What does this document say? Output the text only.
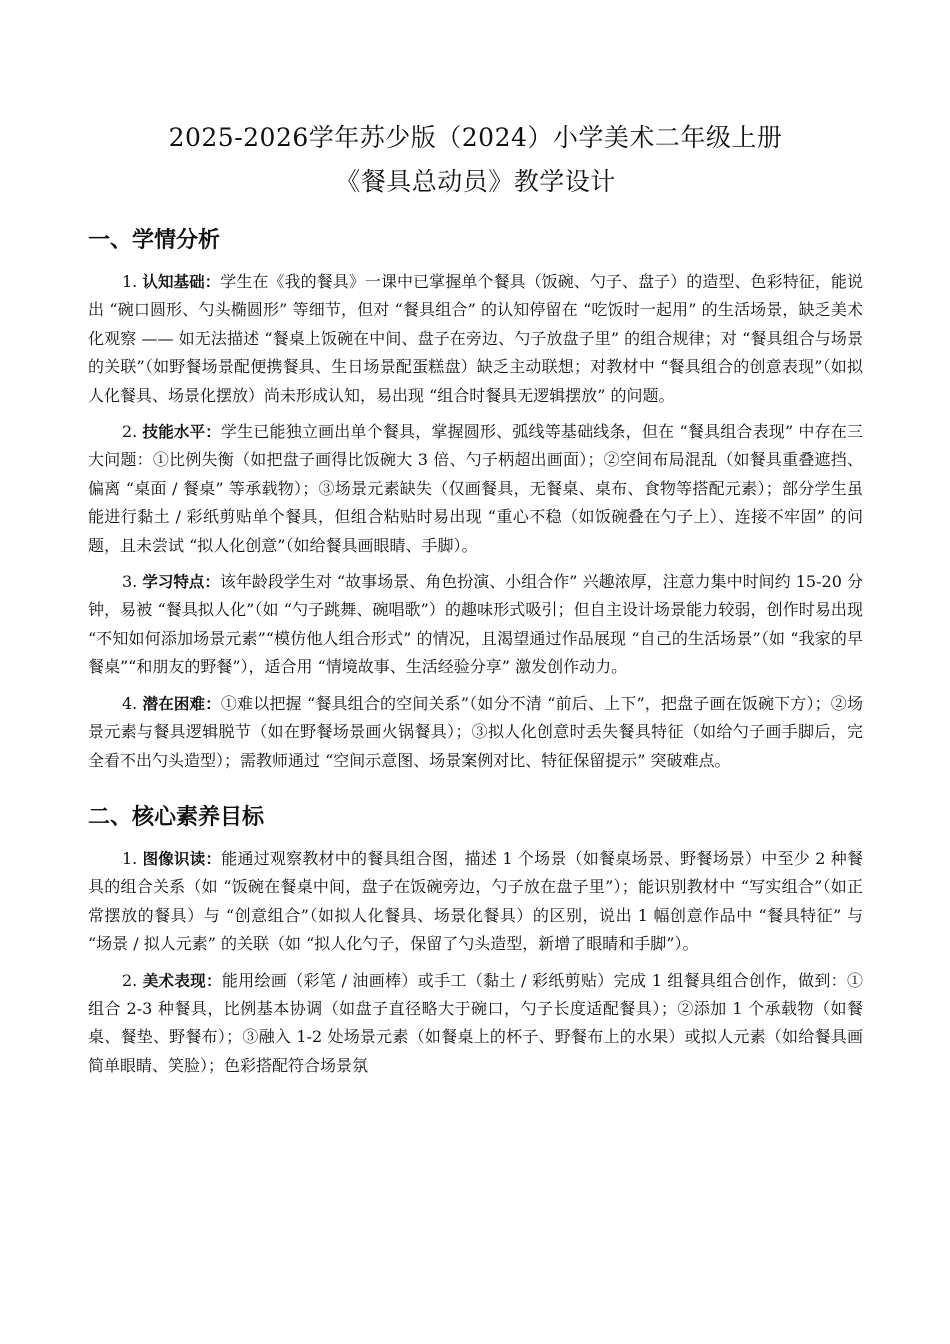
2025-2026学年苏少版（2024）小学美术二年级上册
《餐具总动员》教学设计
一、学情分析

1. 认知基础：学生在《我的餐具》一课中已掌握单个餐具（饭碗、勺子、盘子）的造型、色彩特征，能说出 “碗口圆形、勺头椭圆形” 等细节，但对 “餐具组合” 的认知停留在 “吃饭时一起用” 的生活场景，缺乏美术化观察 —— 如无法描述 “餐桌上饭碗在中间、盘子在旁边、勺子放盘子里” 的组合规律；对 “餐具组合与场景的关联”（如野餐场景配便携餐具、生日场景配蛋糕盘）缺乏主动联想；对教材中 “餐具组合的创意表现”（如拟人化餐具、场景化摆放）尚未形成认知，易出现 “组合时餐具无逻辑摆放” 的问题。

2. 技能水平：学生已能独立画出单个餐具，掌握圆形、弧线等基础线条，但在 “餐具组合表现” 中存在三大问题：①比例失衡（如把盘子画得比饭碗大 3 倍、勺子柄超出画面）；②空间布局混乱（如餐具重叠遮挡、偏离 “桌面 / 餐桌” 等承载物）；③场景元素缺失（仅画餐具，无餐桌、桌布、食物等搭配元素）；部分学生虽能进行黏土 / 彩纸剪贴单个餐具，但组合粘贴时易出现 “重心不稳（如饭碗叠在勺子上）、连接不牢固” 的问题，且未尝试 “拟人化创意”（如给餐具画眼睛、手脚）。

3. 学习特点：该年龄段学生对 “故事场景、角色扮演、小组合作” 兴趣浓厚，注意力集中时间约 15-20 分钟，易被 “餐具拟人化”（如 “勺子跳舞、碗唱歌”）的趣味形式吸引；但自主设计场景能力较弱，创作时易出现 “不知如何添加场景元素”“模仿他人组合形式” 的情况，且渴望通过作品展现 “自己的生活场景”（如 “我家的早餐桌”“和朋友的野餐”），适合用 “情境故事、生活经验分享” 激发创作动力。

4. 潜在困难：①难以把握 “餐具组合的空间关系”（如分不清 “前后、上下”，把盘子画在饭碗下方）；②场景元素与餐具逻辑脱节（如在野餐场景画火锅餐具）；③拟人化创意时丢失餐具特征（如给勺子画手脚后，完全看不出勺头造型）；需教师通过 “空间示意图、场景案例对比、特征保留提示” 突破难点。

二、核心素养目标

1. 图像识读：能通过观察教材中的餐具组合图，描述 1 个场景（如餐桌场景、野餐场景）中至少 2 种餐具的组合关系（如 “饭碗在餐桌中间，盘子在饭碗旁边，勺子放在盘子里”）；能识别教材中 “写实组合”（如正常摆放的餐具）与 “创意组合”（如拟人化餐具、场景化餐具）的区别，说出 1 幅创意作品中 “餐具特征” 与 “场景 / 拟人元素” 的关联（如 “拟人化勺子，保留了勺头造型，新增了眼睛和手脚”）。

2. 美术表现：能用绘画（彩笔 / 油画棒）或手工（黏土 / 彩纸剪贴）完成 1 组餐具组合创作，做到：①组合 2-3 种餐具，比例基本协调（如盘子直径略大于碗口，勺子长度适配餐具）；②添加 1 个承载物（如餐桌、餐垫、野餐布）；③融入 1-2 处场景元素（如餐桌上的杯子、野餐布上的水果）或拟人元素（如给餐具画简单眼睛、笑脸）；色彩搭配符合场景氛
